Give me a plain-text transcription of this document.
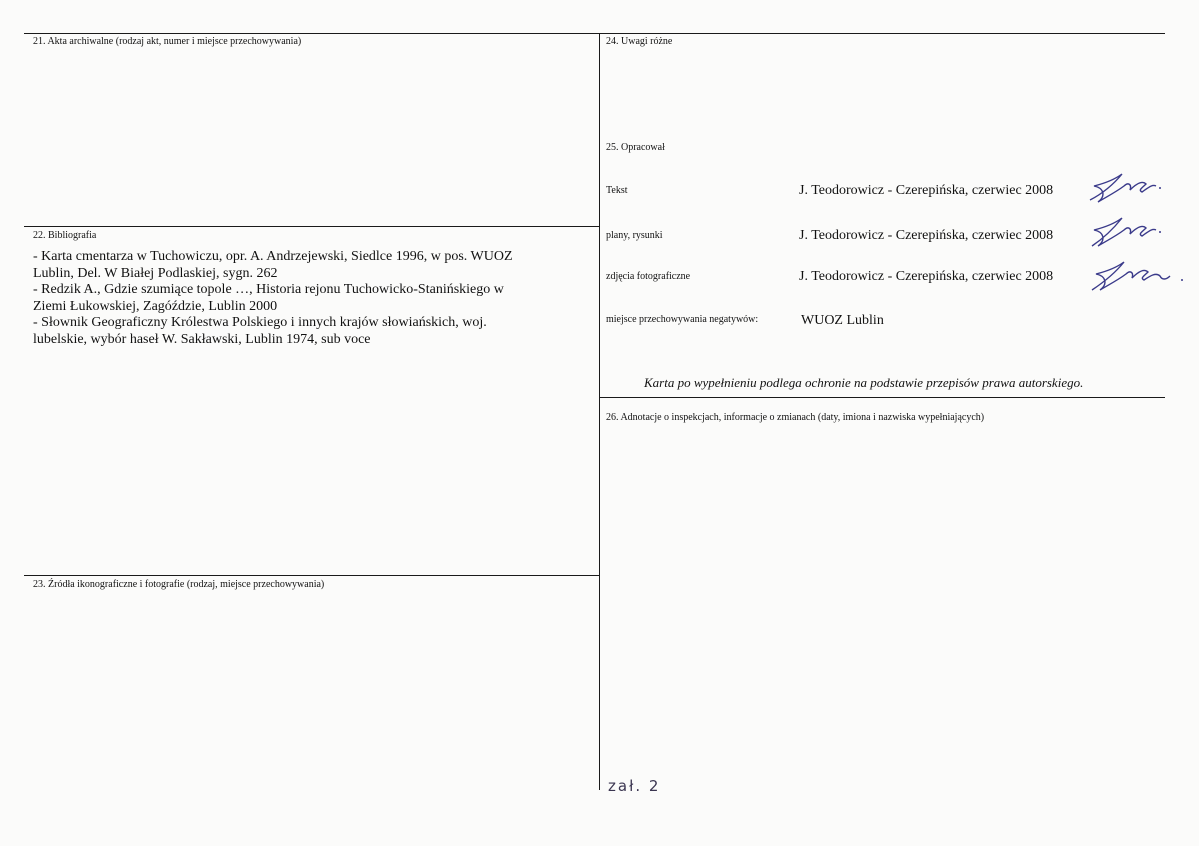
21. Akta archiwalne (rodzaj akt, numer i miejsce przechowywania)
22. Bibliografia
- Karta cmentarza w Tuchowiczu, opr. A. Andrzejewski, Siedlce 1996, w pos. WUOZ
Lublin, Del. W Białej Podlaskiej, sygn. 262
- Redzik A., Gdzie szumiące topole …, Historia rejonu Tuchowicko-Stanińskiego w
Ziemi Łukowskiej, Zagóździe, Lublin 2000
- Słownik Geograficzny Królestwa Polskiego i innych krajów słowiańskich, woj.
lubelskie, wybór haseł W. Sakławski, Lublin 1974, sub voce
23. Źródła ikonograficzne i fotografie (rodzaj, miejsce przechowywania)
24. Uwagi różne
25. Opracował
Tekst	J. Teodorowicz - Czerepińska, czerwiec 2008
plany, rysunki	J. Teodorowicz - Czerepińska, czerwiec 2008
zdjęcia fotograficzne	J. Teodorowicz - Czerepińska, czerwiec 2008
miejsce przechowywania negatywów:	WUOZ Lublin
Karta po wypełnieniu podlega ochronie na podstawie przepisów prawa autorskiego.
26. Adnotacje o inspekcjach, informacje o zmianach (daty, imiona i nazwiska wypełniających)
zał. 2
